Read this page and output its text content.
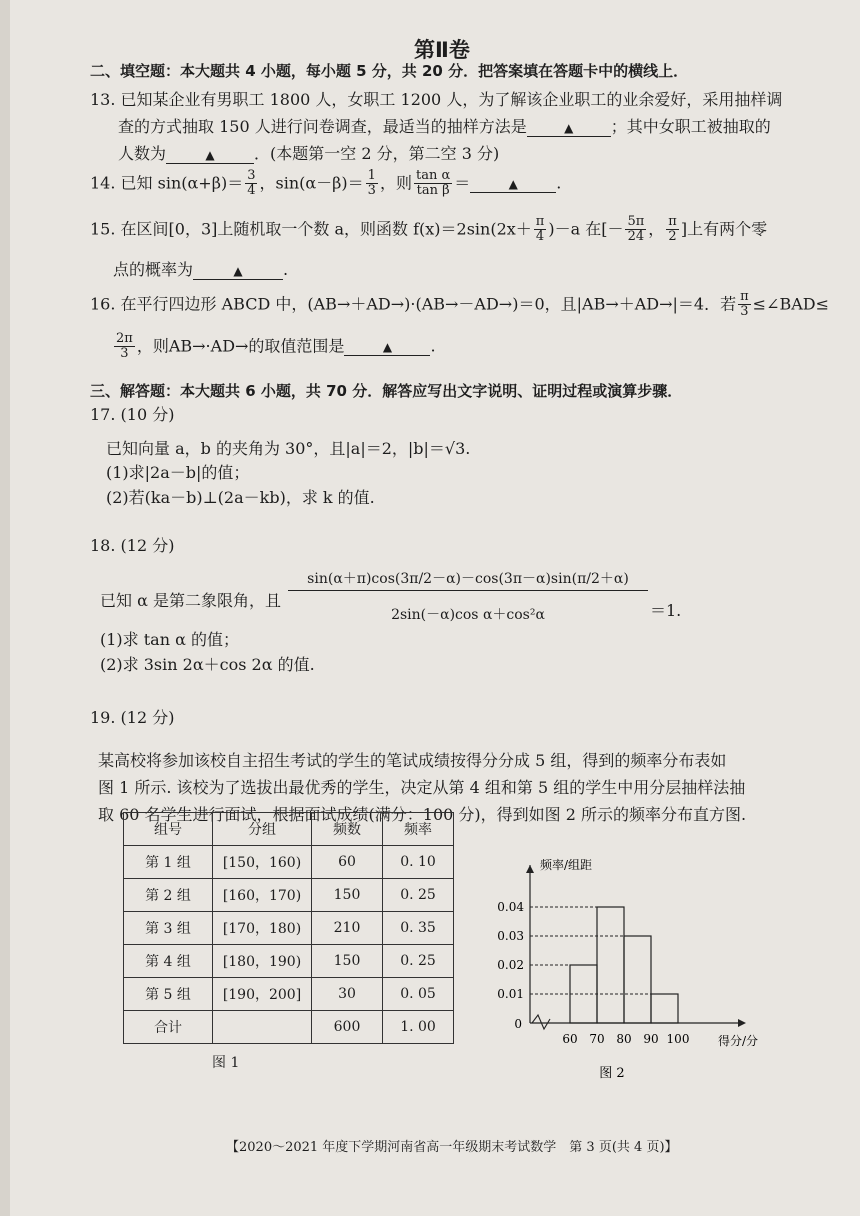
第Ⅱ卷
二、填空题：本大题共 4 小题，每小题 5 分，共 20 分．把答案填在答题卡中的横线上．
13. 已知某企业有男职工 1800 人，女职工 1200 人，为了解该企业职工的业余爱好，采用抽样调
查的方式抽取 150 人进行问卷调查，最适当的抽样方法是	▲ ；其中女职工被抽取的
人数为	▲ ．(本题第一空 2 分，第二空 3 分)
14. 已知 $\sin(\alpha+\beta)= \frac{3}{4}$ ，$\sin(\alpha-\beta)= \frac{1}{3}$ ，则 $\frac{\text{tan α}}{\text{tan β}}$ ＝	▲ .
15. 在区间[0，3]上随机取一个数 a，则函数 $f(x)=2\sin(2x+ \frac{\pi}{4} )-a$ 在[－ $\frac{5\pi}{24}$ ， $\frac{\pi}{2}$ ]上有两个零
点的概率为	▲	.
16. 在平行四边形 ABCD 中，(AB→＋AD→)·(AB→－AD→)＝0，且|AB→＋AD→|＝4．若 $\frac{\pi}{3}$ ≤∠BAD≤
$\frac{2\pi}{3}$ ，则AB→·AD→的取值范围是	▲ .
三、解答题：本大题共 6 小题，共 70 分．解答应写出文字说明、证明过程或演算步骤．
17. (10 分)
已知向量 a，b 的夹角为 30°，且|a|＝2，|b|＝√3.
(1)求|2a－b|的值；
(2)若(ka－b)⊥(2a－kb)，求 k 的值.
18. (12 分)
已知 α 是第二象限角，且
sin(α＋π)cos(3π/2－α)－cos(3π－α)sin(π/2＋α)
2sin(－α)cos α＋cos²α	＝1.
(1)求 tan α 的值；
(2)求 3sin 2α＋cos 2α 的值.
19. (12 分)
某高校将参加该校自主招生考试的学生的笔试成绩按得分分成 5 组，得到的频率分布表如
图 1 所示. 该校为了选拔出最优秀的学生，决定从第 4 组和第 5 组的学生中用分层抽样法抽
取 60 名学生进行面试，根据面试成绩(满分：100 分)，得到如图 2 所示的频率分布直方图.
组号	分组	频数	频率
第 1 组	[150，160)	60	0. 10
第 2 组	[160，170)	150	0. 25
第 3 组	[170，180)	210	0. 35
第 4 组	[180，190)	150	0. 25
第 5 组	[190，200]	30	0. 05
合计		600	1. 00
图 1
0.01
0.02
0.03
0.04
0
60 70 80 90 100 得分/分
频率/组距
图 2
【2020～2021 年度下学期河南省高一年级期末考试数学　第 3 页(共 4 页)】
